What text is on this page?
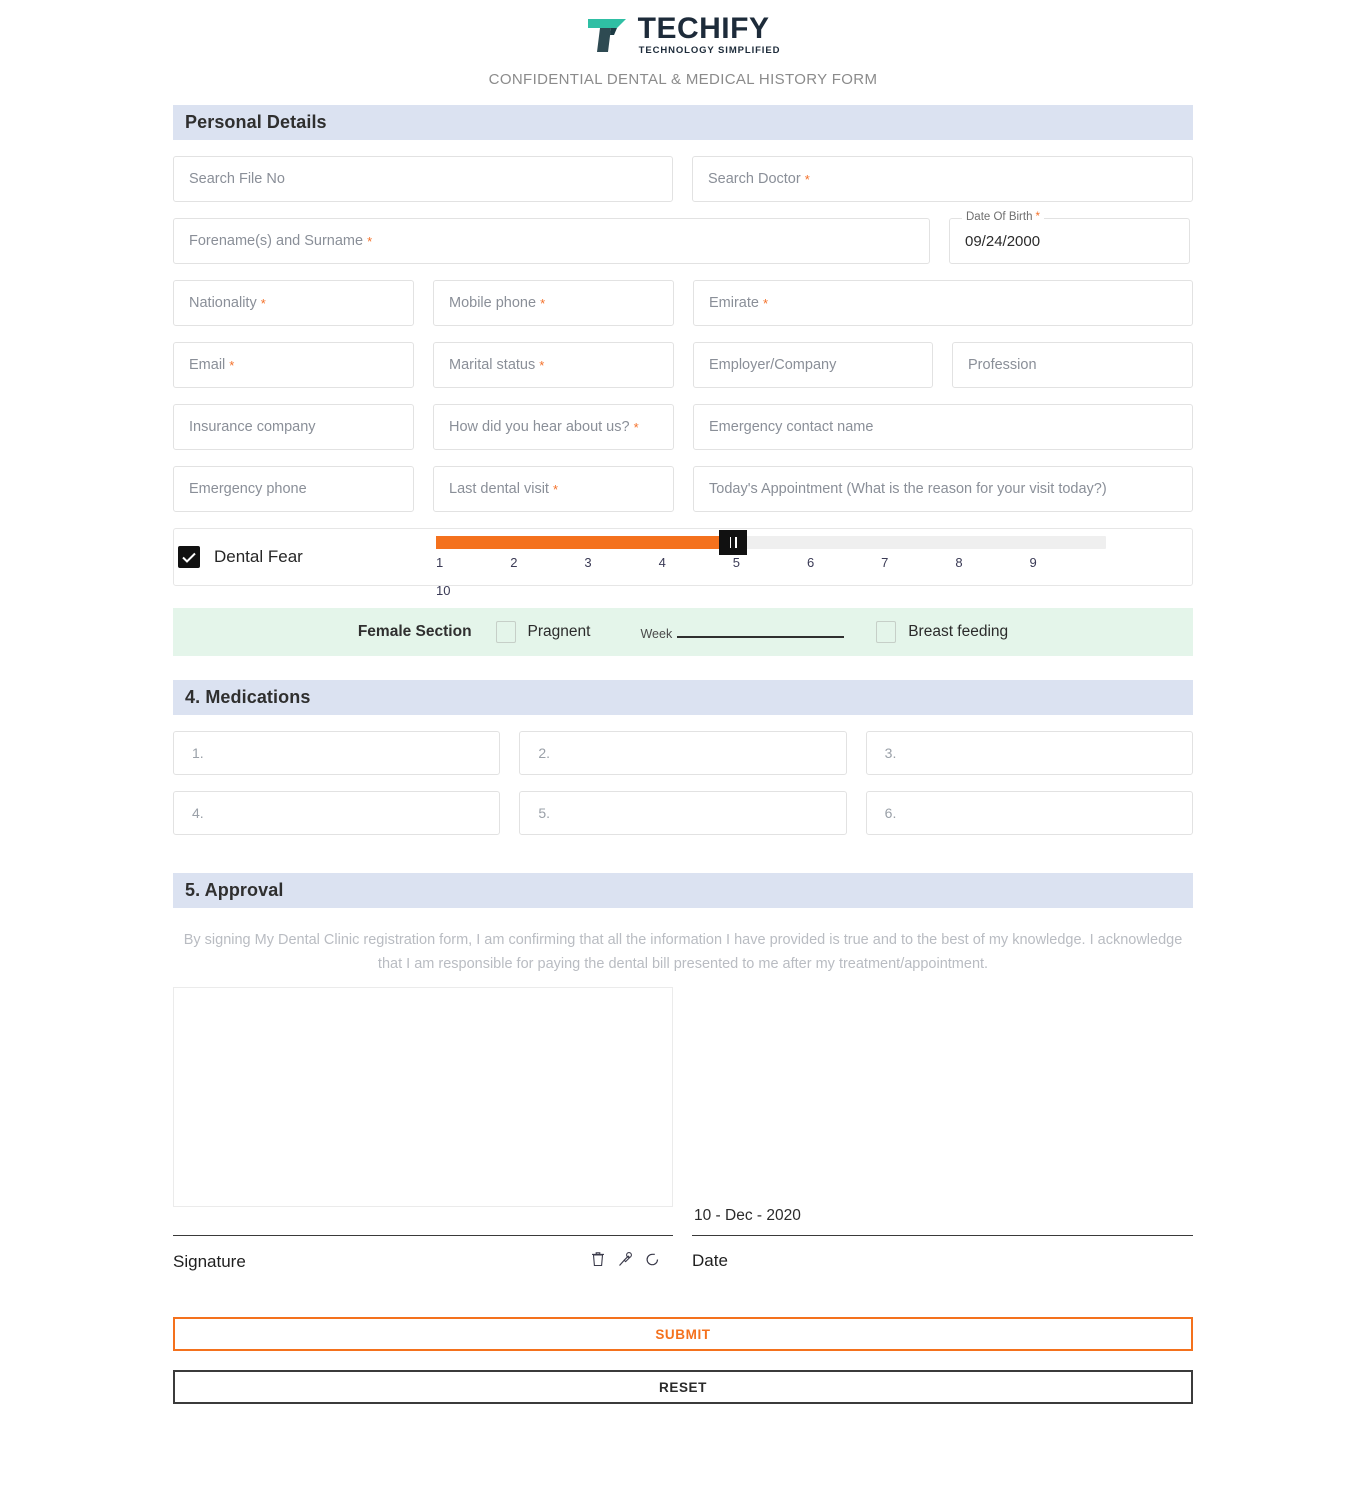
TECHIFY
TECHNOLOGY SIMPLIFIED
CONFIDENTIAL DENTAL & MEDICAL HISTORY FORM
Personal Details
Search File No	Search Doctor *
Forename(s) and Surname *
Date Of Birth *
09/24/2000
Nationality *	Mobile phone *	Emirate *
Email *	Marital status *	Employer/Company	Profession
Insurance company	How did you hear about us? *	Emergency contact name
Emergency phone	Last dental visit *	Today's Appointment (What is the reason for your visit today?)
Dental Fear	1	2	3	4	5	6	7	8	9
10
Female Section	Pragnent	Week	Breast feeding
4. Medications
1.	2.	3.
4.	5.	6.
5. Approval
By signing My Dental Clinic registration form, I am confirming that all the information I have provided is true and to the best of my knowledge. I acknowledge that I am responsible for paying the dental bill presented to me after my treatment/appointment.
10 - Dec - 2020
Signature	Date
SUBMIT
RESET
